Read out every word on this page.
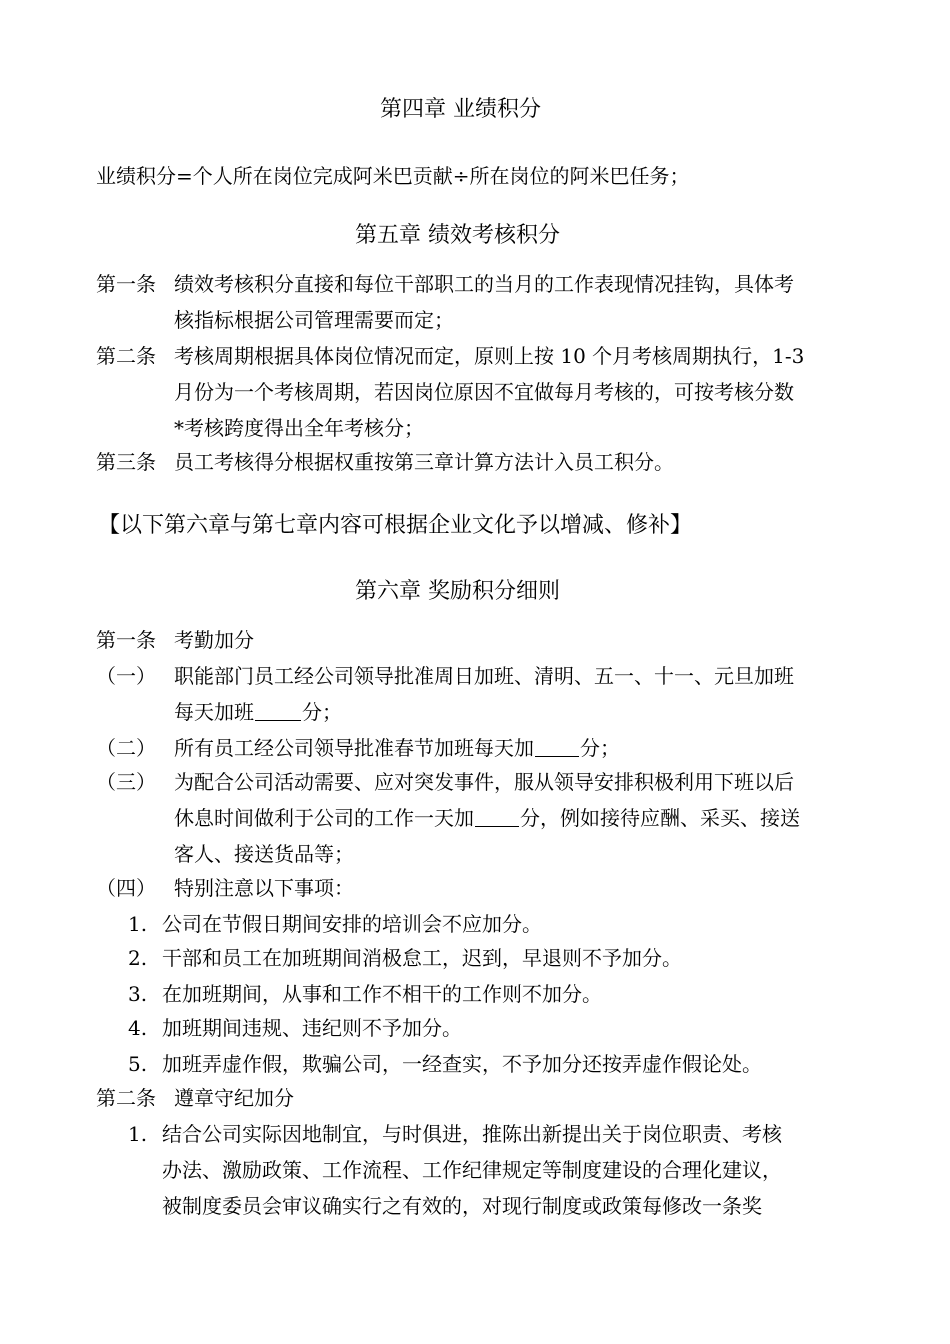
第四章 业绩积分
业绩积分=个人所在岗位完成阿米巴贡献÷所在岗位的阿米巴任务；
第五章 绩效考核积分
第一条 绩效考核积分直接和每位干部职工的当月的工作表现情况挂钩，具体考
核指标根据公司管理需要而定；
第二条 考核周期根据具体岗位情况而定，原则上按 10 个月考核周期执行，1-3
月份为一个考核周期，若因岗位原因不宜做每月考核的，可按考核分数
*考核跨度得出全年考核分；
第三条 员工考核得分根据权重按第三章计算方法计入员工积分。
【以下第六章与第七章内容可根据企业文化予以增减、修补】
第六章 奖励积分细则
第一条 考勤加分
（一） 职能部门员工经公司领导批准周日加班、清明、五一、十一、元旦加班
每天加班 分；
（二） 所有员工经公司领导批准春节加班每天加 分；
（三） 为配合公司活动需要、应对突发事件，服从领导安排积极利用下班以后
休息时间做利于公司的工作一天加 分，例如接待应酬、采买、接送
客人、接送货品等；
（四） 特别注意以下事项：
1. 公司在节假日期间安排的培训会不应加分。
2. 干部和员工在加班期间消极怠工，迟到，早退则不予加分。
3. 在加班期间，从事和工作不相干的工作则不加分。
4. 加班期间违规、违纪则不予加分。
5. 加班弄虚作假，欺骗公司，一经查实，不予加分还按弄虚作假论处。
第二条 遵章守纪加分
1. 结合公司实际因地制宜，与时俱进，推陈出新提出关于岗位职责、考核
办法、激励政策、工作流程、工作纪律规定等制度建设的合理化建议，
被制度委员会审议确实行之有效的，对现行制度或政策每修改一条奖
